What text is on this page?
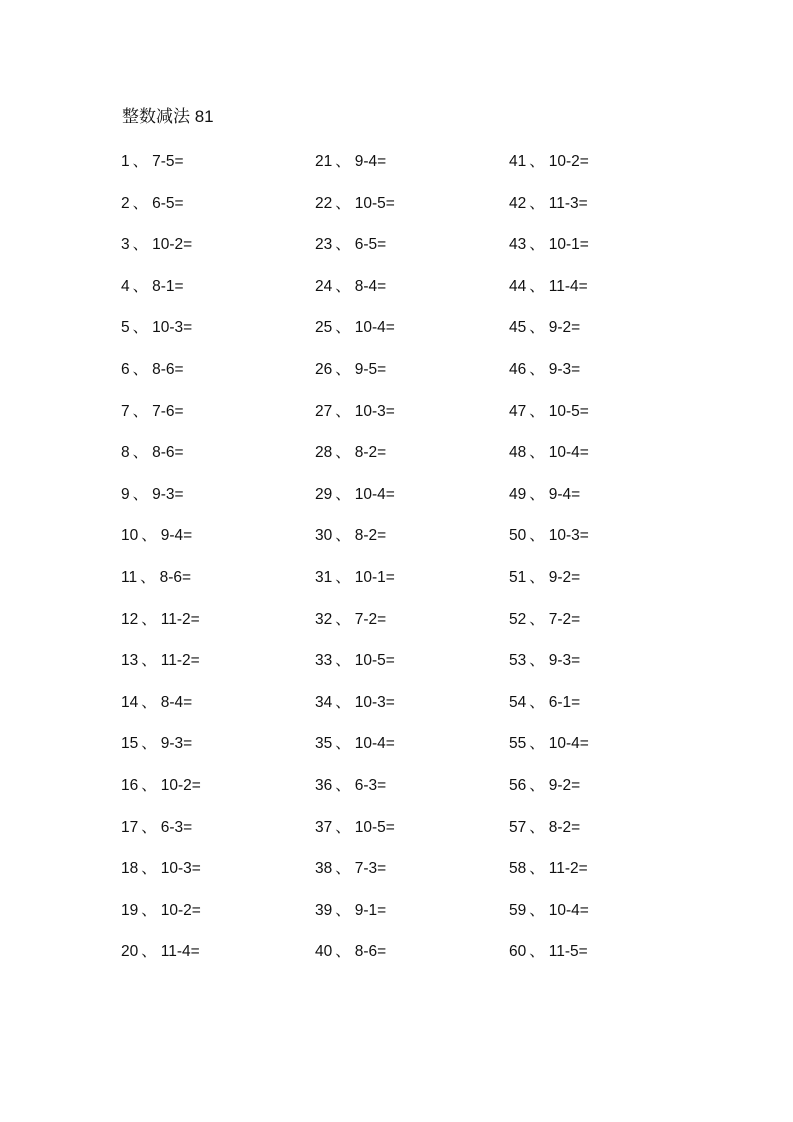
整数减法 81
1 、 7-5=
2 、 6-5=
3 、 10-2=
4 、 8-1=
5 、 10-3=
6 、 8-6=
7 、 7-6=
8 、 8-6=
9 、 9-3=
10 、 9-4=
11 、 8-6=
12 、 11-2=
13 、 11-2=
14 、 8-4=
15 、 9-3=
16 、 10-2=
17 、 6-3=
18 、 10-3=
19 、 10-2=
20 、 11-4=
21 、 9-4=
22 、 10-5=
23 、 6-5=
24 、 8-4=
25 、 10-4=
26 、 9-5=
27 、 10-3=
28 、 8-2=
29 、 10-4=
30 、 8-2=
31 、 10-1=
32 、 7-2=
33 、 10-5=
34 、 10-3=
35 、 10-4=
36 、 6-3=
37 、 10-5=
38 、 7-3=
39 、 9-1=
40 、 8-6=
41 、 10-2=
42 、 11-3=
43 、 10-1=
44 、 11-4=
45 、 9-2=
46 、 9-3=
47 、 10-5=
48 、 10-4=
49 、 9-4=
50 、 10-3=
51 、 9-2=
52 、 7-2=
53 、 9-3=
54 、 6-1=
55 、 10-4=
56 、 9-2=
57 、 8-2=
58 、 11-2=
59 、 10-4=
60 、 11-5=
